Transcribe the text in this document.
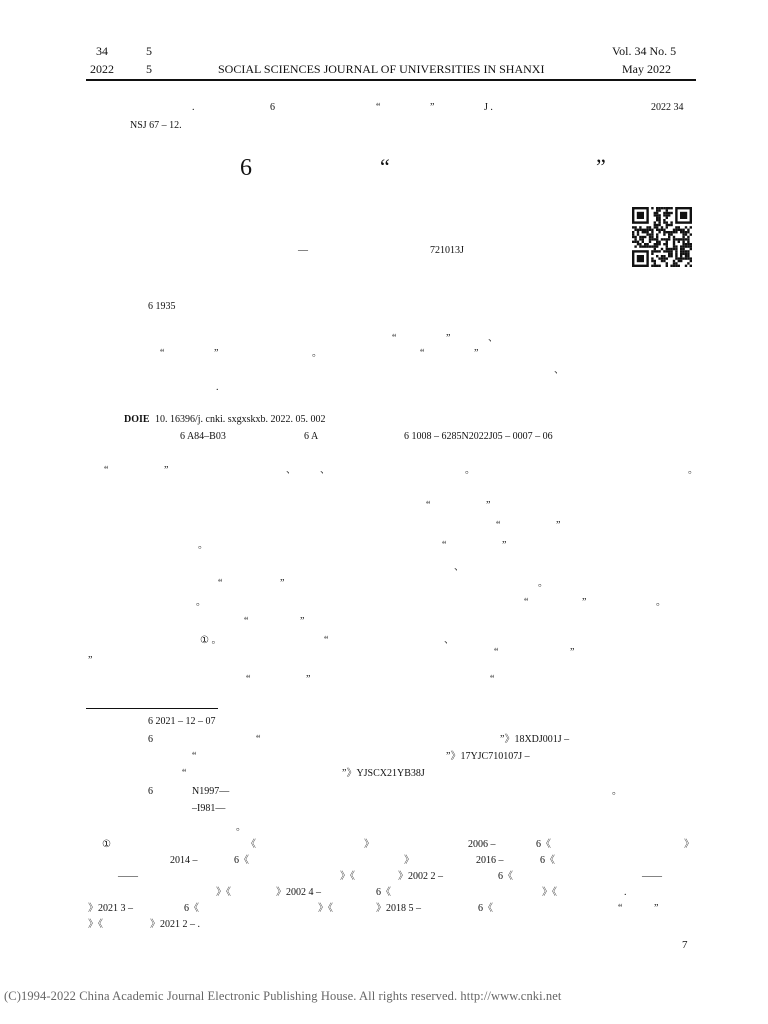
34	5
2022	5	SOCIAL SCIENCES JOURNAL OF UNIVERSITIES IN SHANXI
Vol. 34 No. 5
May 2022
.	6	“	”	J .	2022 34
NSJ 67 – 12.
6	“	”
—	721013J
6 1935
“	”	、
“	”	。	“	”
、
.
DOIE 10. 16396/j. cnki. sxgxskxb. 2022. 05. 002
6 A84–B03	6 A	6 1008 – 6285N2022J05 – 0007 – 06
“	”	、 、	。	。
“	”
“	”
“	”
。
、
“	”	。
。	“	”	。
“	”
① 。	“	、
“	”
”
“	”	“
6 2021 – 12 – 07
6	“	”》18XDJ001J –
“	”》17YJC710107J –
“	”》YJSCX21YB38J
6	N1997—	。
–I981—
。
①	《	》	2006 –	6《	》
2014 –	6《	》	2016 –	6《
——	》《	》2002 2 –	6《	——
》《	》2002 4 –	6《	》《	.
》2021 3 –	6《	》《	》2018 5 –	6《	“	”
》《	》2021 2 – .
7
(C)1994-2022 China Academic Journal Electronic Publishing House. All rights reserved. http://www.cnki.net
